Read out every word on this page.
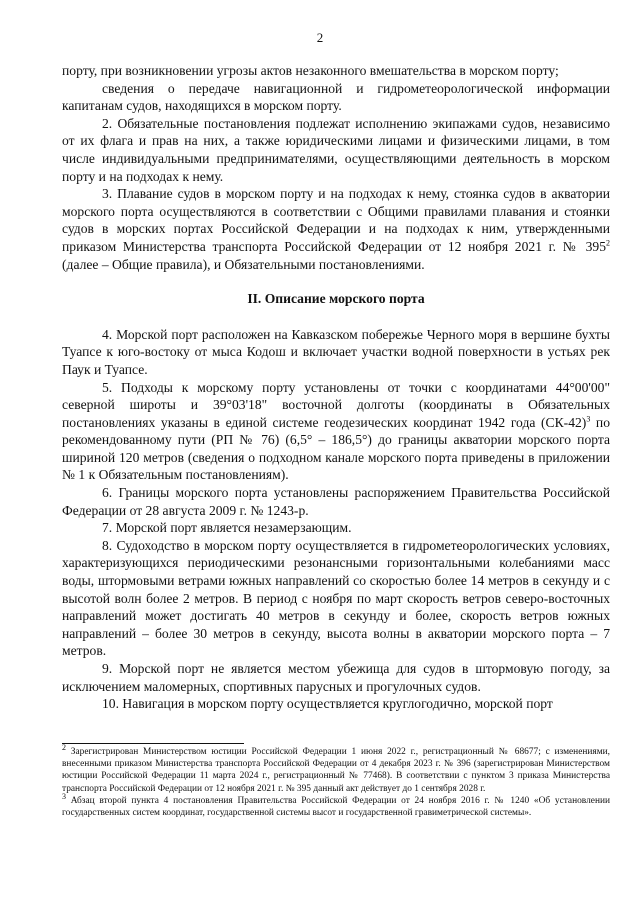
2

порту, при возникновении угрозы актов незаконного вмешательства в морском порту;

сведения о передаче навигационной и гидрометеорологической информации капитанам судов, находящихся в морском порту.

2. Обязательные постановления подлежат исполнению экипажами судов, независимо от их флага и прав на них, а также юридическими лицами и физическими лицами, в том числе индивидуальными предпринимателями, осуществляющими деятельность в морском порту и на подходах к нему.

3. Плавание судов в морском порту и на подходах к нему, стоянка судов в акватории морского порта осуществляются в соответствии с Общими правилами плавания и стоянки судов в морских портах Российской Федерации и на подходах к ним, утвержденными приказом Министерства транспорта Российской Федерации от 12 ноября 2021 г. № $395^2$ (далее – Общие правила), и Обязательными постановлениями.

II. Описание морского порта

4. Морской порт расположен на Кавказском побережье Черного моря в вершине бухты Туапсе к юго-востоку от мыса Кодош и включает участки водной поверхности в устьях рек Паук и Туапсе.

5. Подходы к морскому порту установлены от точки с координатами 44°00'00" северной широты и 39°03'18" восточной долготы (координаты в Обязательных постановлениях указаны в единой системе геодезических координат 1942 года $(СК-42)^3$ по рекомендованному пути (РП № 76) (6,5° – 186,5°) до границы акватории морского порта шириной 120 метров (сведения о подходном канале морского порта приведены в приложении № 1 к Обязательным постановлениям).

6. Границы морского порта установлены распоряжением Правительства Российской Федерации от 28 августа 2009 г. № 1243-р.

7. Морской порт является незамерзающим.

8. Судоходство в морском порту осуществляется в гидрометеорологических условиях, характеризующихся периодическими резонансными горизонтальными колебаниями масс воды, штормовыми ветрами южных направлений со скоростью более 14 метров в секунду и с высотой волн более 2 метров. В период с ноября по март скорость ветров северо-восточных направлений может достигать 40 метров в секунду и более, скорость ветров южных направлений – более 30 метров в секунду, высота волны в акватории морского порта – 7 метров.

9. Морской порт не является местом убежища для судов в штормовую погоду, за исключением маломерных, спортивных парусных и прогулочных судов.

10. Навигация в морском порту осуществляется круглогодично, морской порт

$^2$ Зарегистрирован Министерством юстиции Российской Федерации 1 июня 2022 г., регистрационный № 68677; с изменениями, внесенными приказом Министерства транспорта Российской Федерации от 4 декабря 2023 г. № 396 (зарегистрирован Министерством юстиции Российской Федерации 11 марта 2024 г., регистрационный № 77468). В соответствии с пунктом 3 приказа Министерства транспорта Российской Федерации от 12 ноября 2021 г. № 395 данный акт действует до 1 сентября 2028 г.

$^3$ Абзац второй пункта 4 постановления Правительства Российской Федерации от 24 ноября 2016 г. № 1240 «Об установлении государственных систем координат, государственной системы высот и государственной гравиметрической системы».
